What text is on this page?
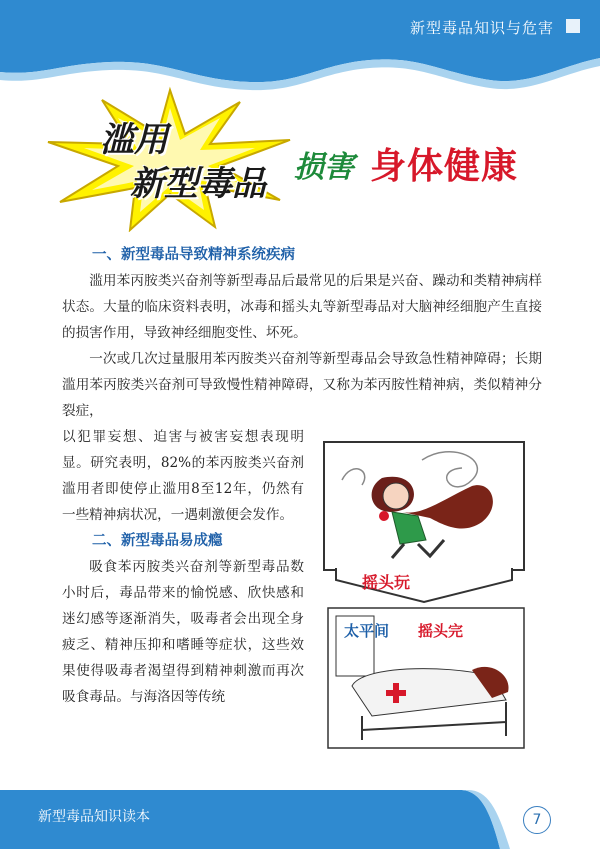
新型毒品知识与危害
滥用
新型毒品 损害 身体健康
一、新型毒品导致精神系统疾病

滥用苯丙胺类兴奋剂等新型毒品后最常见的后果是兴奋、躁动和类精神病样状态。大量的临床资料表明，冰毒和摇头丸等新型毒品对大脑神经细胞产生直接的损害作用，导致神经细胞变性、坏死。

一次或几次过量服用苯丙胺类兴奋剂等新型毒品会导致急性精神障碍；长期滥用苯丙胺类兴奋剂可导致慢性精神障碍，又称为苯丙胺性精神病，类似精神分裂症，

以犯罪妄想、迫害与被害妄想表现明显。研究表明，82%的苯丙胺类兴奋剂滥用者即使停止滥用8至12年，仍然有一些精神病状况，一遇刺激便会发作。

二、新型毒品易成瘾

吸食苯丙胺类兴奋剂等新型毒品数小时后，毒品带来的愉悦感、欣快感和迷幻感等逐渐消失，吸毒者会出现全身疲乏、精神压抑和嗜睡等症状，这些效果使得吸毒者渴望得到精神刺激而再次吸食毒品。与海洛因等传统

摇头玩
太平间 摇头完
新型毒品知识读本	7
